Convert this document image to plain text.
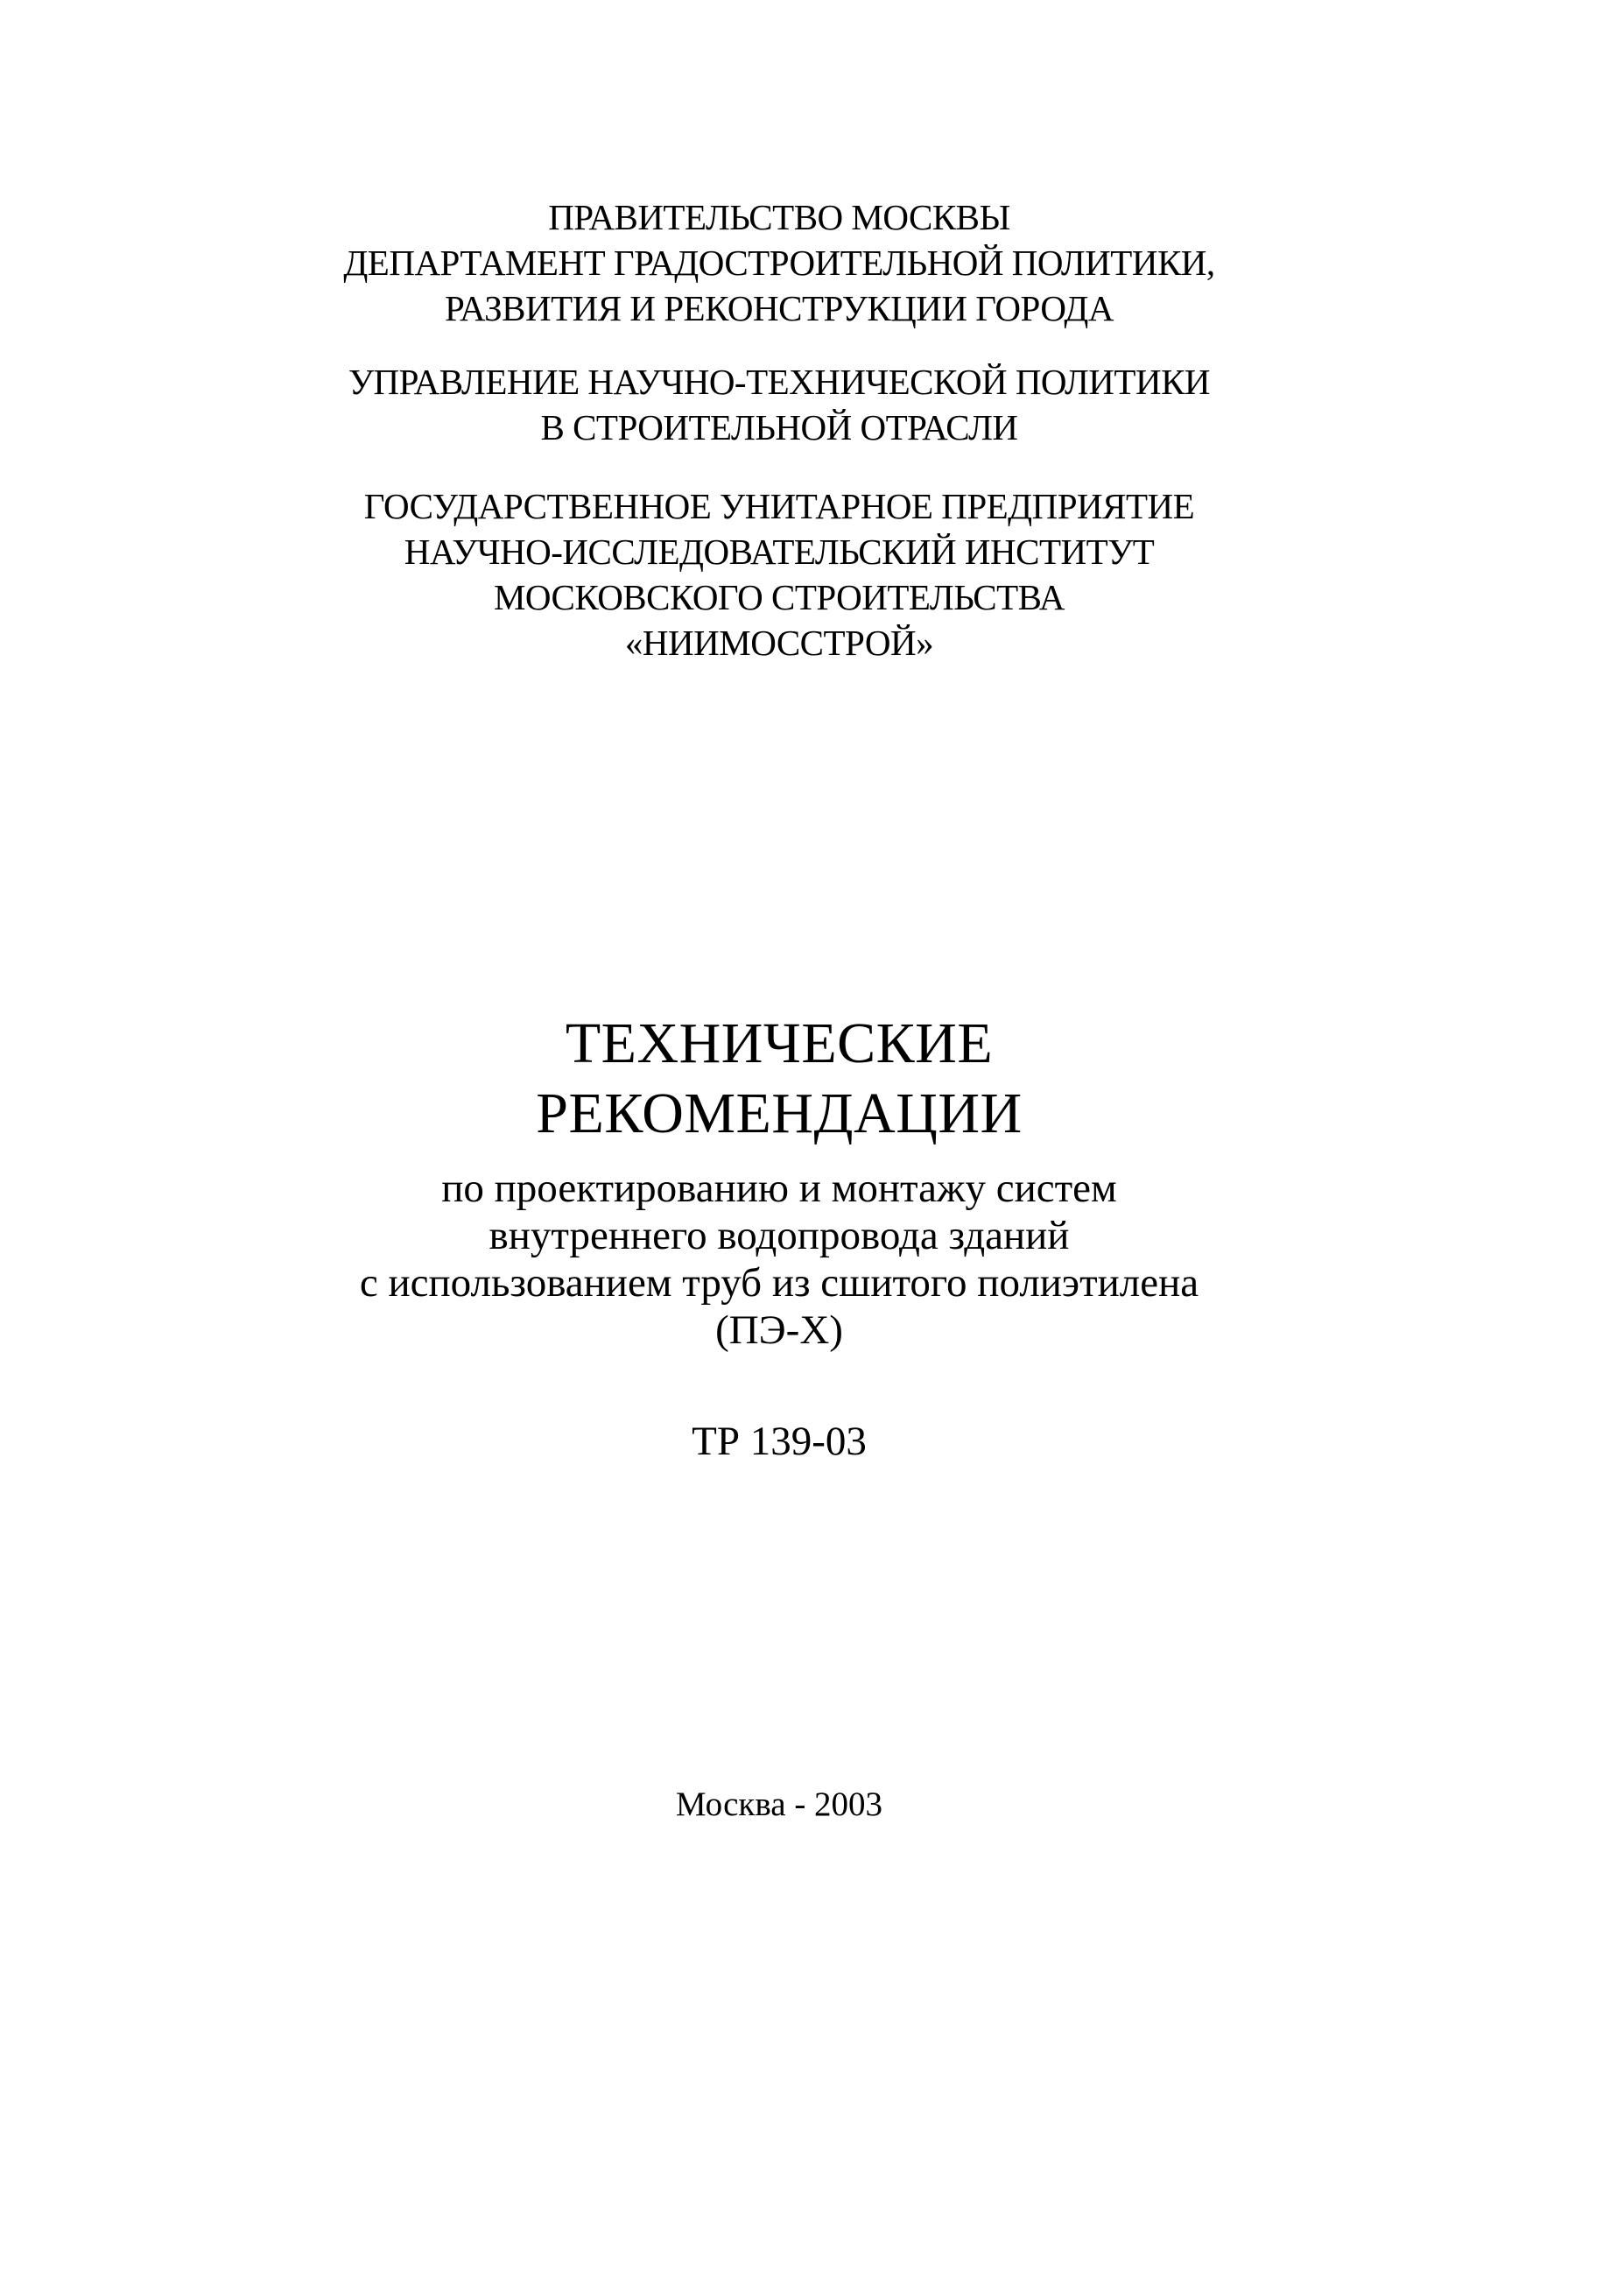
ПРАВИТЕЛЬСТВО МОСКВЫ
ДЕПАРТАМЕНТ ГРАДОСТРОИТЕЛЬНОЙ ПОЛИТИКИ,
РАЗВИТИЯ И РЕКОНСТРУКЦИИ ГОРОДА
УПРАВЛЕНИЕ НАУЧНО-ТЕХНИЧЕСКОЙ ПОЛИТИКИ
В СТРОИТЕЛЬНОЙ ОТРАСЛИ
ГОСУДАРСТВЕННОЕ УНИТАРНОЕ ПРЕДПРИЯТИЕ
НАУЧНО-ИССЛЕДОВАТЕЛЬСКИЙ ИНСТИТУТ
МОСКОВСКОГО СТРОИТЕЛЬСТВА
«НИИМОССТРОЙ»
ТЕХНИЧЕСКИЕ РЕКОМЕНДАЦИИ
по проектированию и монтажу систем
внутреннего водопровода зданий
с использованием труб из сшитого полиэтилена
(ПЭ-Х)
ТР 139-03
Москва - 2003
